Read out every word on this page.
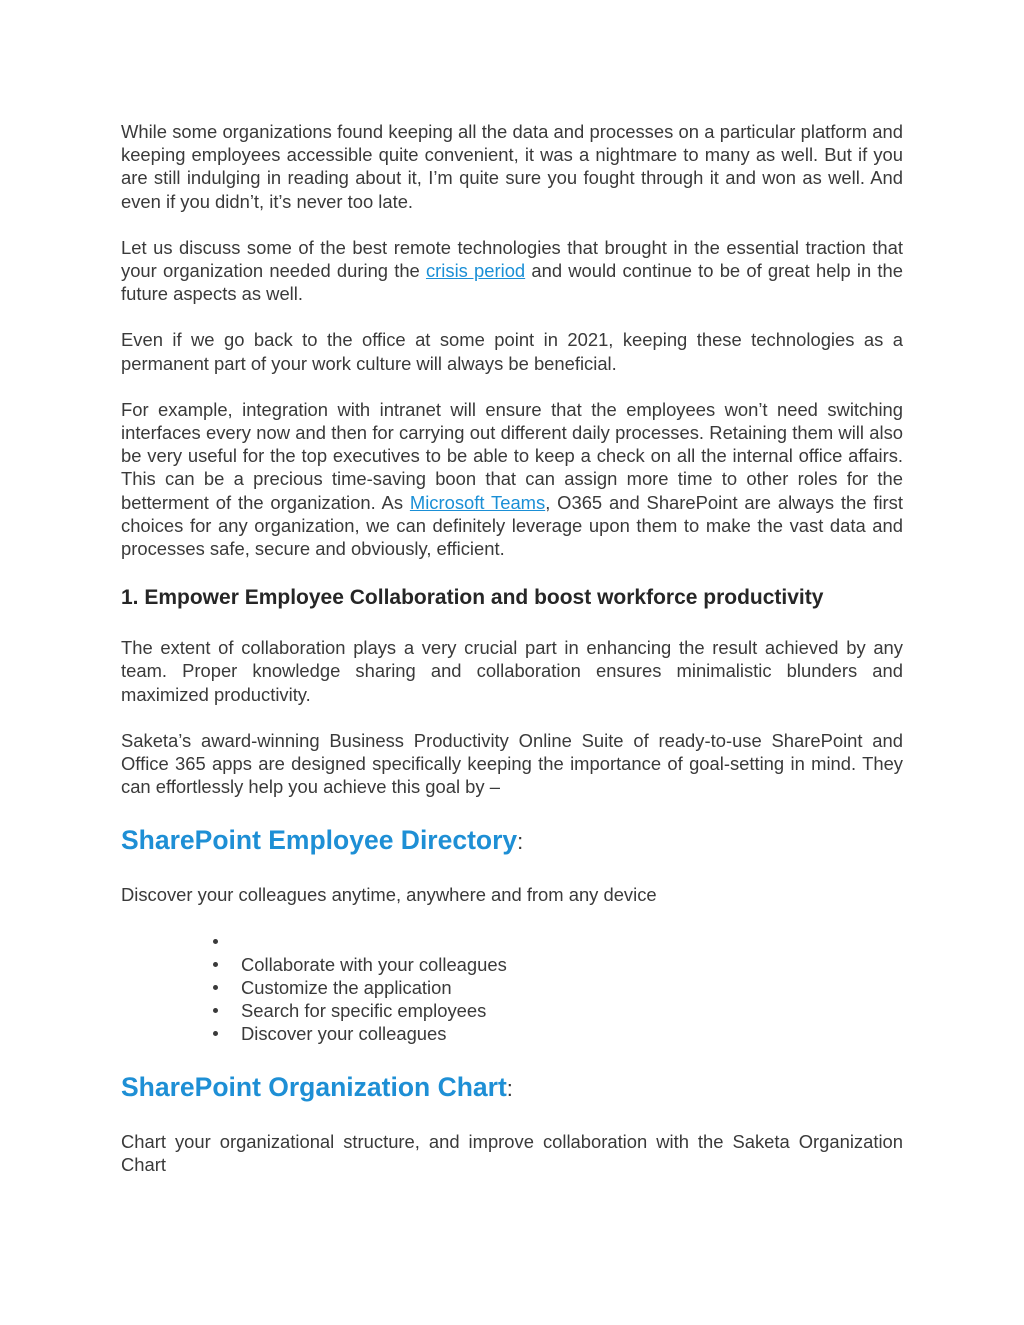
While some organizations found keeping all the data and processes on a particular platform and keeping employees accessible quite convenient, it was a nightmare to many as well. But if you are still indulging in reading about it, I’m quite sure you fought through it and won as well. And even if you didn’t, it’s never too late.

Let us discuss some of the best remote technologies that brought in the essential traction that your organization needed during the crisis period and would continue to be of great help in the future aspects as well.

Even if we go back to the office at some point in 2021, keeping these technologies as a permanent part of your work culture will always be beneficial.

For example, integration with intranet will ensure that the employees won’t need switching interfaces every now and then for carrying out different daily processes. Retaining them will also be very useful for the top executives to be able to keep a check on all the internal office affairs. This can be a precious time-saving boon that can assign more time to other roles for the betterment of the organization. As Microsoft Teams, O365 and SharePoint are always the first choices for any organization, we can definitely leverage upon them to make the vast data and processes safe, secure and obviously, efficient.

1. Empower Employee Collaboration and boost workforce productivity

The extent of collaboration plays a very crucial part in enhancing the result achieved by any team. Proper knowledge sharing and collaboration ensures minimalistic blunders and maximized productivity.

Saketa’s award-winning Business Productivity Online Suite of ready-to-use SharePoint and Office 365 apps are designed specifically keeping the importance of goal-setting in mind. They can effortlessly help you achieve this goal by –

SharePoint Employee Directory:

Discover your colleagues anytime, anywhere and from any device

Collaborate with your colleagues
Customize the application
Search for specific employees
Discover your colleagues
SharePoint Organization Chart:

Chart your organizational structure, and improve collaboration with the Saketa Organization Chart
